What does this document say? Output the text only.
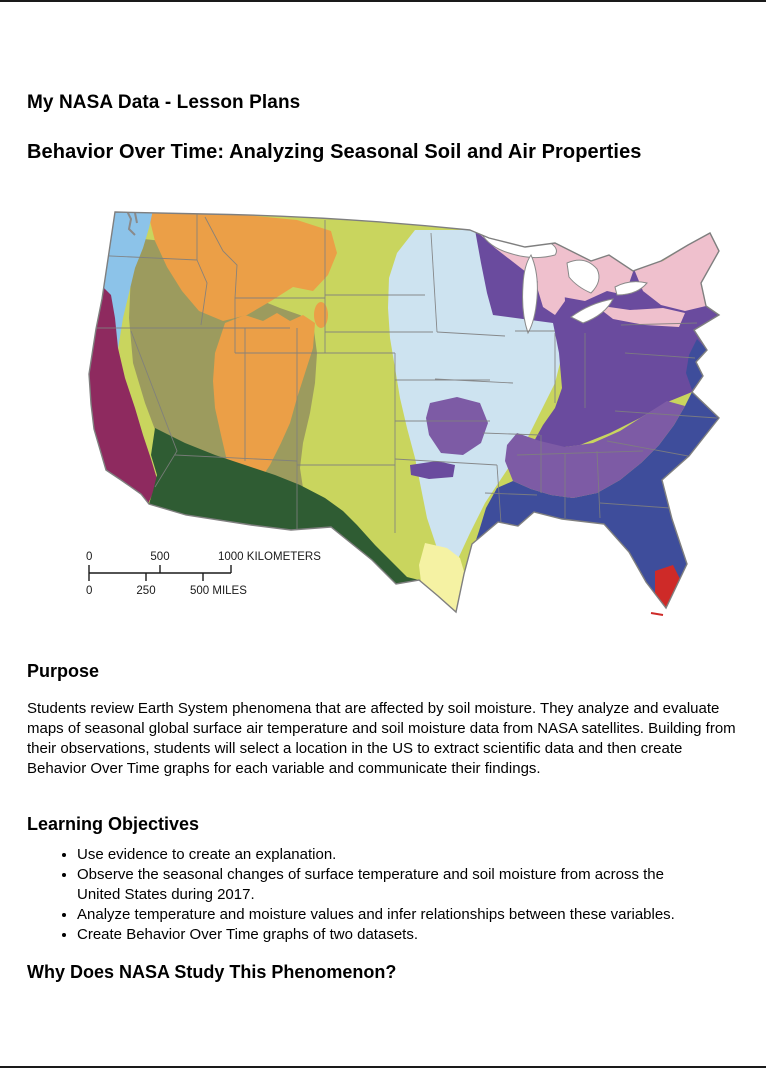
My NASA Data - Lesson Plans
Behavior Over Time: Analyzing Seasonal Soil and Air Properties
0	500	1000 KILOMETERS
0	250	500 MILES
Purpose

Students review Earth System phenomena that are affected by soil moisture. They analyze and evaluate maps of seasonal global surface air temperature and soil moisture data from NASA satellites. Building from their observations, students will select a location in the US to extract scientific data and then create Behavior Over Time graphs for each variable and communicate their findings.

Learning Objectives
• Use evidence to create an explanation.
• Observe the seasonal changes of surface temperature and soil moisture from across the United States during 2017.
• Analyze temperature and moisture values and infer relationships between these variables.
• Create Behavior Over Time graphs of two datasets.
Why Does NASA Study This Phenomenon?
